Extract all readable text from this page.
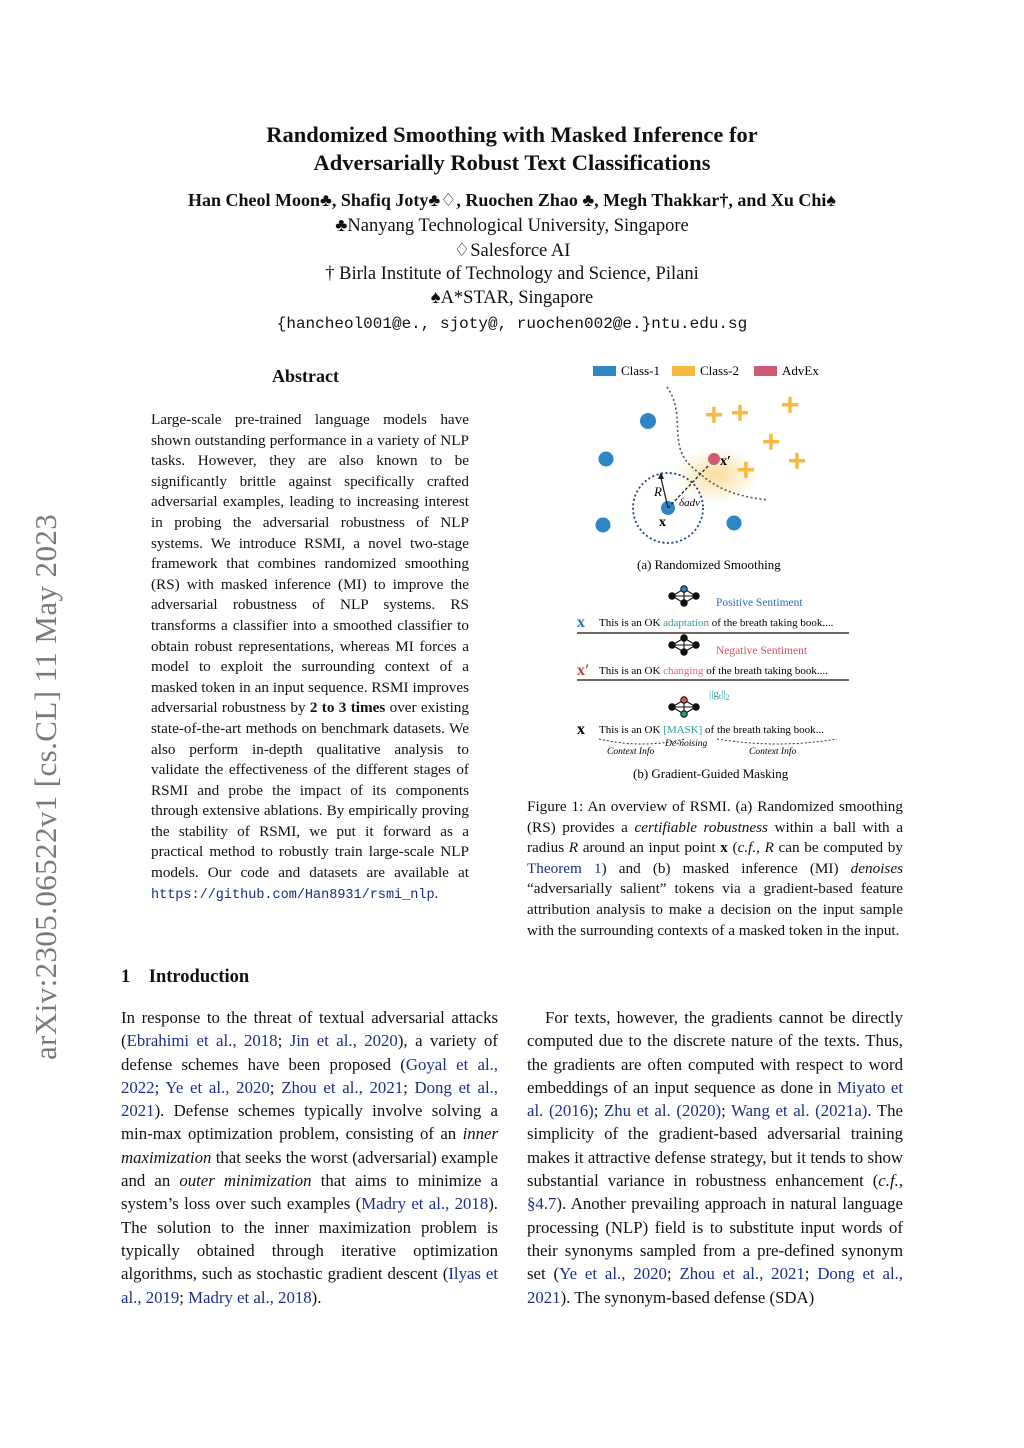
Randomized Smoothing with Masked Inference for
Adversarially Robust Text Classifications
Han Cheol Moon♣, Shafiq Joty♣♢, Ruochen Zhao ♣, Megh Thakkar†, and Xu Chi♠
♣Nanyang Technological University, Singapore
♢Salesforce AI
† Birla Institute of Technology and Science, Pilani
♠A*STAR, Singapore
{hancheol001@e., sjoty@, ruochen002@e.}ntu.edu.sg
arXiv:2305.06522v1 [cs.CL] 11 May 2023
Abstract

Large-scale pre-trained language models have shown outstanding performance in a variety of NLP tasks. However, they are also known to be significantly brittle against specifically crafted adversarial examples, leading to increasing interest in probing the adversarial robustness of NLP systems. We introduce RSMI, a novel two-stage framework that combines randomized smoothing (RS) with masked inference (MI) to improve the adversarial robustness of NLP systems. RS transforms a classifier into a smoothed classifier to obtain robust representations, whereas MI forces a model to exploit the surrounding context of a masked token in an input sequence. RSMI improves adversarial robustness by 2 to 3 times over existing state-of-the-art methods on benchmark datasets. We also perform in-depth qualitative analysis to validate the effectiveness of the different stages of RSMI and probe the impact of its components through extensive ablations. By empirically proving the stability of RSMI, we put it forward as a practical method to robustly train large-scale NLP models. Our code and datasets are available at https://github.com/Han8931/rsmi_nlp.

1    Introduction

In response to the threat of textual adversarial attacks (Ebrahimi et al., 2018; Jin et al., 2020), a variety of defense schemes have been proposed (Goyal et al., 2022; Ye et al., 2020; Zhou et al., 2021; Dong et al., 2021). Defense schemes typically involve solving a min-max optimization problem, consisting of an inner maximization that seeks the worst (adversarial) example and an outer minimization that aims to minimize a system’s loss over such examples (Madry et al., 2018). The solution to the inner maximization problem is typically obtained through iterative optimization algorithms, such as stochastic gradient descent (Ilyas et al., 2019; Madry et al., 2018).

For texts, however, the gradients cannot be directly computed due to the discrete nature of the texts. Thus, the gradients are often computed with respect to word embeddings of an input sequence as done in Miyato et al. (2016); Zhu et al. (2020); Wang et al. (2021a). The simplicity of the gradient-based adversarial training makes it attractive defense strategy, but it tends to show substantial variance in robustness enhancement (c.f., §4.7). Another prevailing approach in natural language processing (NLP) field is to substitute input words of their synonyms sampled from a pre-defined synonym set (Ye et al., 2020; Zhou et al., 2021; Dong et al., 2021). The synonym-based defense (SDA)

Figure 1: An overview of RSMI. (a) Randomized smoothing (RS) provides a certifiable robustness within a ball with a radius R around an input point x (c.f., R can be computed by Theorem 1) and (b) masked inference (MI) denoises “adversarially salient” tokens via a gradient-based feature attribution analysis to make a decision on the input sample with the surrounding contexts of a masked token in the input.

Class-1	Class-2	AdvEx
x′
R
δadv
x
(a) Randomized Smoothing
Positive Sentiment
x This is an OK adaptation of the breath taking book....
Negative Sentiment
x′ This is an OK changing of the breath taking book....
$||gt||_2$
x This is an OK [MASK] of the breath taking book...
De-noising
Context Info	Context Info
(b) Gradient-Guided Masking
